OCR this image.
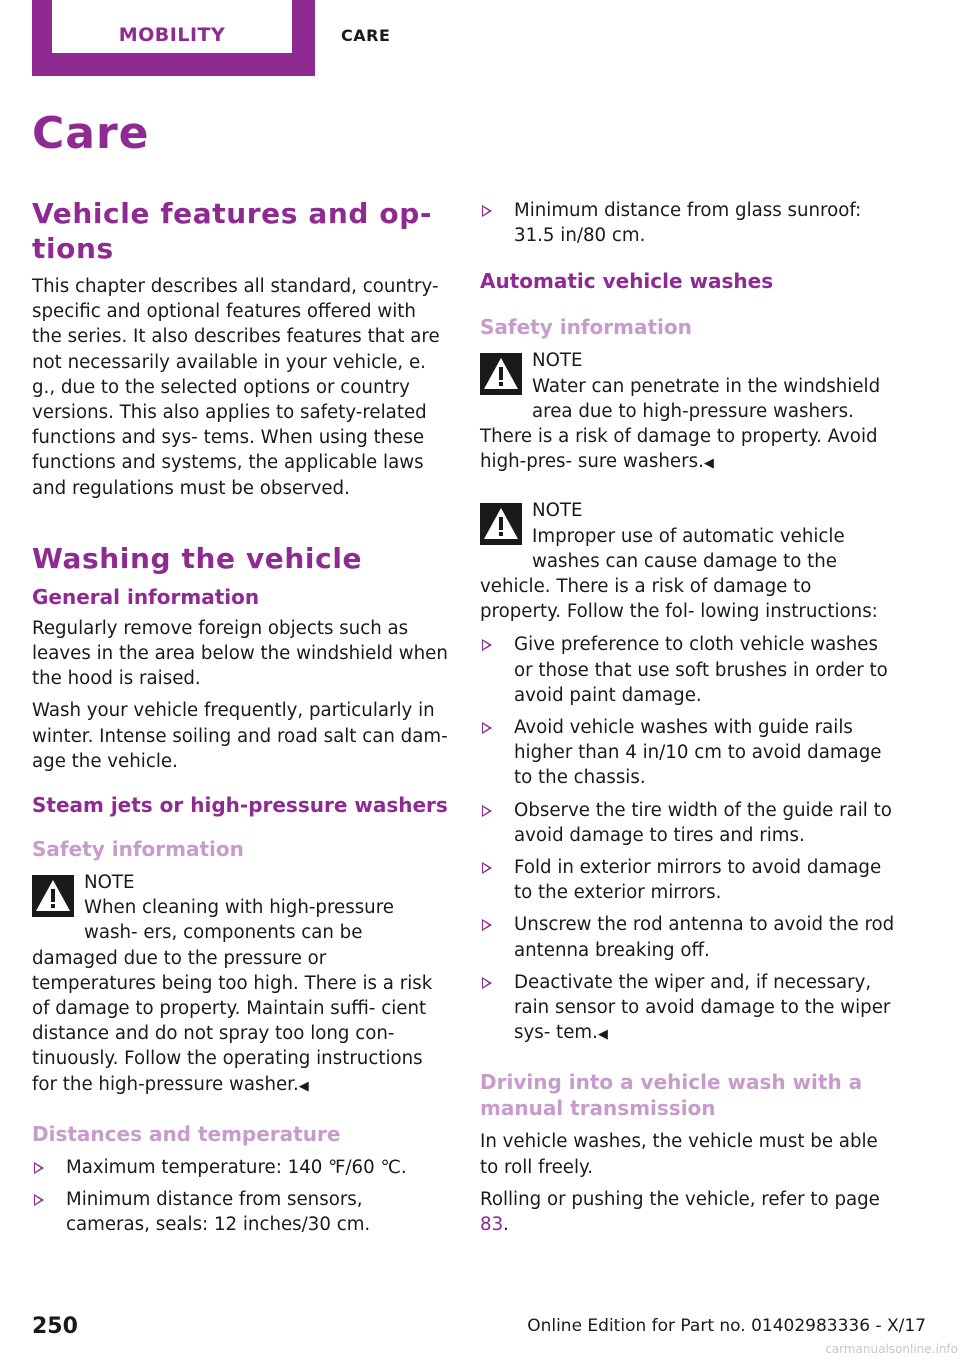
MOBILITY	CARE
Care
Vehicle features and op‐ tions

This chapter describes all standard, country-specific and optional features offered with the series. It also describes features that are not necessarily available in your vehicle, e. g., due to the selected options or country versions. This also applies to safety-related functions and sys‐ tems. When using these functions and systems, the applicable laws and regulations must be observed.

Washing the vehicle
General information

Regularly remove foreign objects such as leaves in the area below the windshield when the hood is raised.

Wash your vehicle frequently, particularly in winter. Intense soiling and road salt can dam‐ age the vehicle.

Steam jets or high-pressure washers
Safety information
NOTE
When cleaning with high-pressure wash‐ ers, components can be damaged due to the pressure or temperatures being too high. There is a risk of damage to property. Maintain suffi‐ cient distance and do not spray too long con‐ tinuously. Follow the operating instructions for the high-pressure washer.◀
Distances and temperature
Maximum temperature: 140 ℉/60 ℃.
Minimum distance from sensors, cameras, seals: 12 inches/30 cm.
Minimum distance from glass sunroof: 31.5 in/80 cm.
Automatic vehicle washes
Safety information
NOTE
Water can penetrate in the windshield area due to high-pressure washers. There is a risk of damage to property. Avoid high-pres‐ sure washers.◀
NOTE
Improper use of automatic vehicle washes can cause damage to the vehicle. There is a risk of damage to property. Follow the fol‐ lowing instructions:
Give preference to cloth vehicle washes or those that use soft brushes in order to avoid paint damage.
Avoid vehicle washes with guide rails higher than 4 in/10 cm to avoid damage to the chassis.
Observe the tire width of the guide rail to avoid damage to tires and rims.
Fold in exterior mirrors to avoid damage to the exterior mirrors.
Unscrew the rod antenna to avoid the rod antenna breaking off.
Deactivate the wiper and, if necessary, rain sensor to avoid damage to the wiper sys‐ tem.◀
Driving into a vehicle wash with a manual transmission

In vehicle washes, the vehicle must be able to roll freely.

Rolling or pushing the vehicle, refer to page 83.

250	Online Edition for Part no. 01402983336 - X/17
carmanualsonline.info
